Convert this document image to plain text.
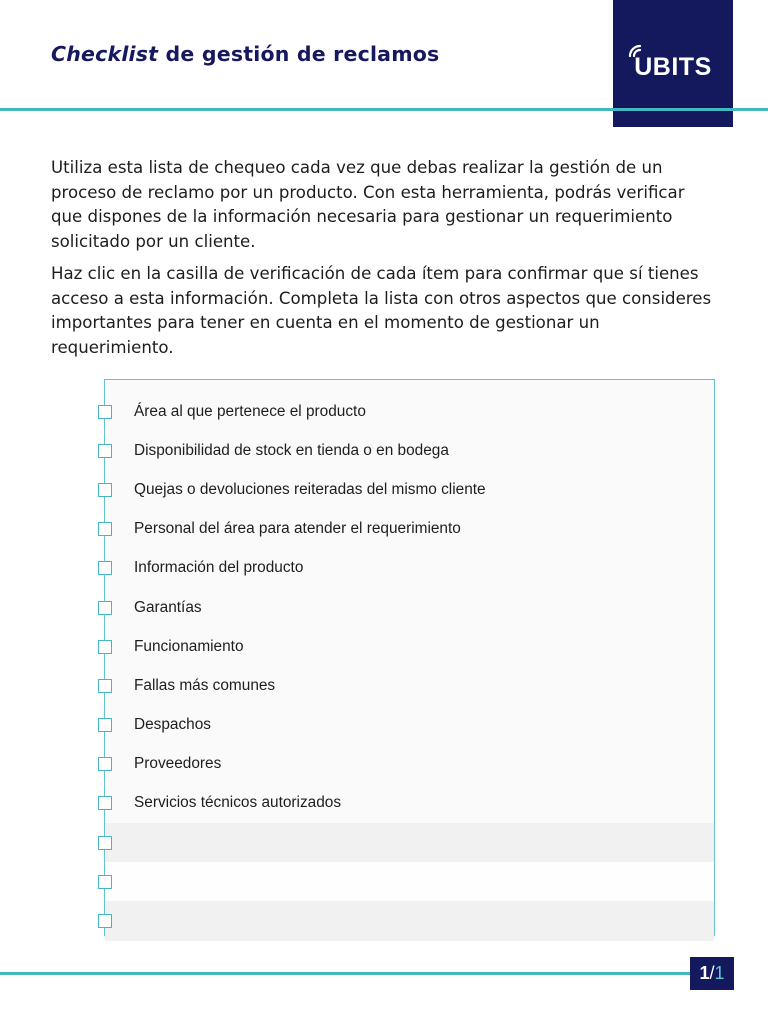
Checklist de gestión de reclamos	UBITS

Utiliza esta lista de chequeo cada vez que debas realizar la gestión de un proceso de reclamo por un producto. Con esta herramienta, podrás verificar que dispones de la información necesaria para gestionar un requerimiento solicitado por un cliente.

Haz clic en la casilla de verificación de cada ítem para confirmar que sí tienes acceso a esta información. Completa la lista con otros aspectos que consideres importantes para tener en cuenta en el momento de gestionar un requerimiento.

Área al que pertenece el producto
Disponibilidad de stock en tienda o en bodega
Quejas o devoluciones reiteradas del mismo cliente
Personal del área para atender el requerimiento
Información del producto
Garantías
Funcionamiento
Fallas más comunes
Despachos
Proveedores
Servicios técnicos autorizados
1 / 1
